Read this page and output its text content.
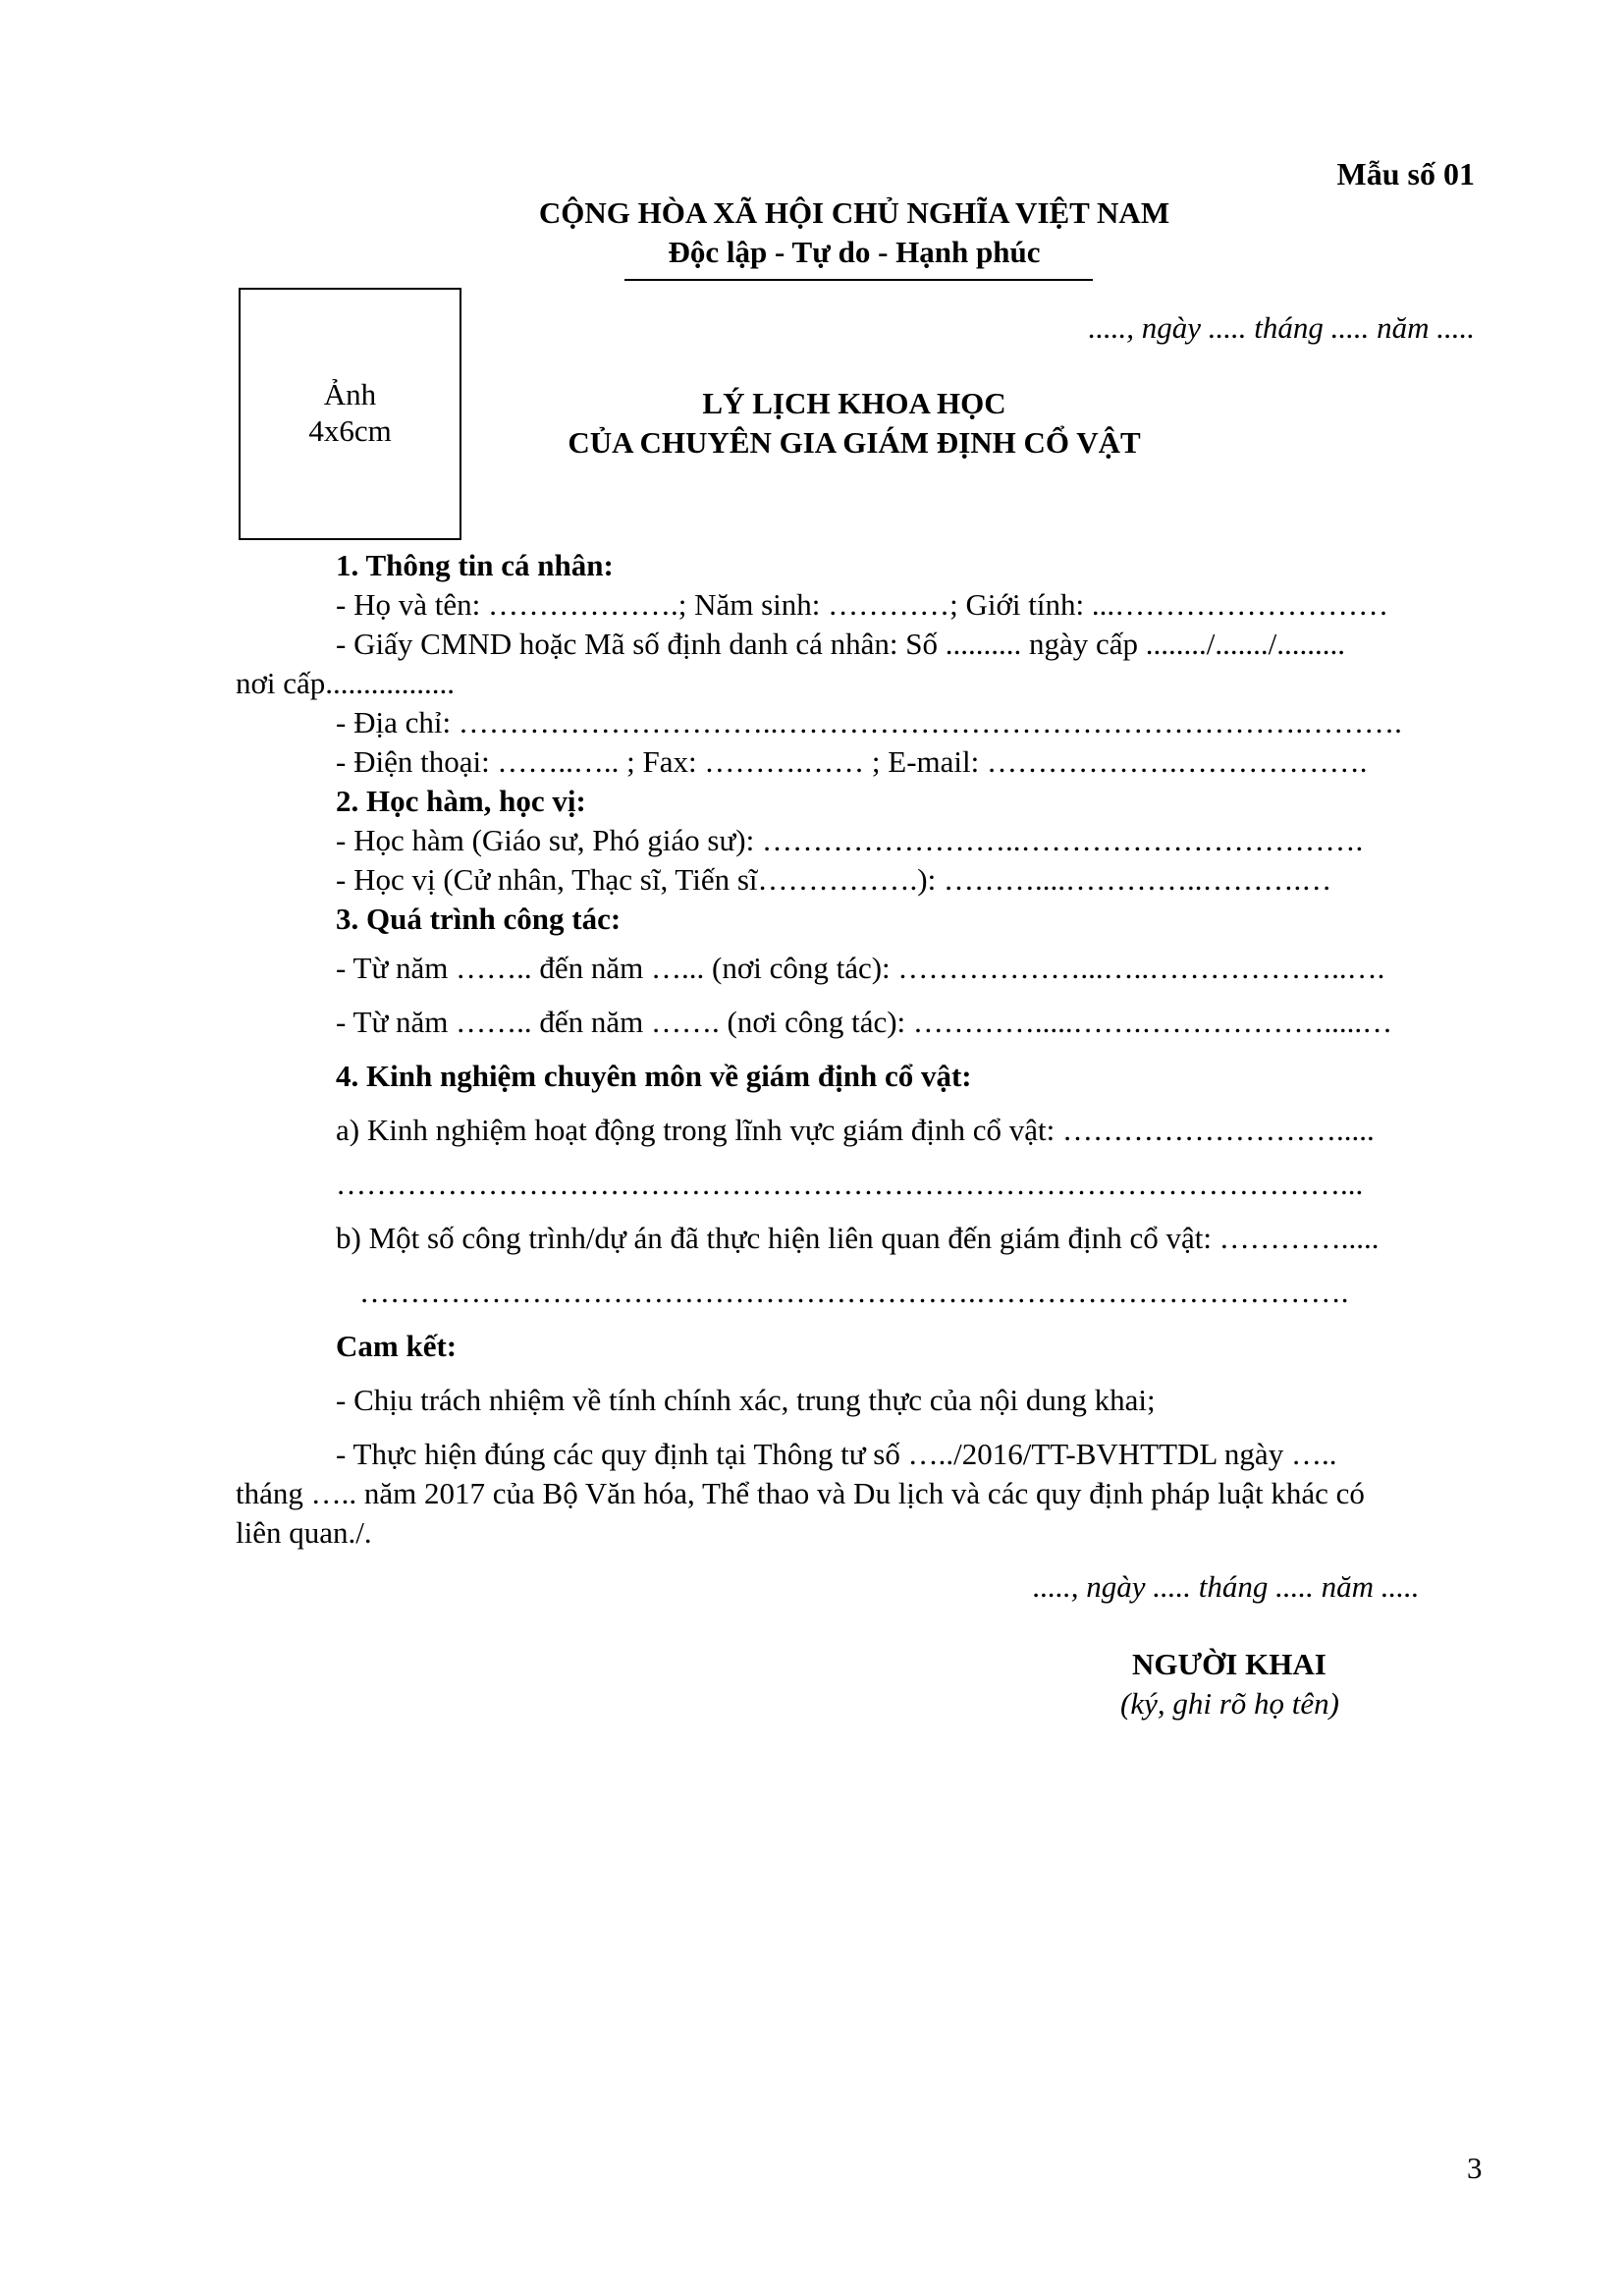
Mẫu số 01
CỘNG HÒA XÃ HỘI CHỦ NGHĨA VIỆT NAM
Độc lập - Tự do - Hạnh phúc
....., ngày ..... tháng ..... năm .....
Ảnh
4x6cm
LÝ LỊCH KHOA HỌC
CỦA CHUYÊN GIA GIÁM ĐỊNH CỔ VẬT
1. Thông tin cá nhân:
- Họ và tên: ……………….; Năm sinh: …………; Giới tính: ...………………………
- Giấy CMND hoặc Mã số định danh cá nhân: Số .......... ngày cấp ......../......./.........
nơi cấp.................
- Địa chỉ: …………………………..…………………………………………….……….
- Điện thoại: ……..….. ; Fax: ……….…… ; E-mail: ……………….……………….
2. Học hàm, học vị:
- Học hàm (Giáo sư, Phó giáo sư): ……………………..…………………………….
- Học vị (Cử nhân, Thạc sĩ, Tiến sĩ…………….): ………....…………..……….…
3. Quá trình công tác:
- Từ năm …….. đến năm …... (nơi công tác): ………………...…..………………..….
- Từ năm …….. đến năm ……. (nơi công tác): ………….....…….……………….....…
4. Kinh nghiệm chuyên môn về giám định cổ vật:
a) Kinh nghiệm hoạt động trong lĩnh vực giám định cổ vật: ……………………….....
………………………………………………………………………………………...
b) Một số công trình/dự án đã thực hiện liên quan đến giám định cổ vật: ………….....
…………………………………………………….……………………………….
Cam kết:
- Chịu trách nhiệm về tính chính xác, trung thực của nội dung khai;
- Thực hiện đúng các quy định tại Thông tư số …../2016/TT-BVHTTDL ngày …..
tháng ….. năm 2017 của Bộ Văn hóa, Thể thao và Du lịch và các quy định pháp luật khác có
liên quan./.
....., ngày ..... tháng ..... năm .....
NGƯỜI KHAI
(ký, ghi rõ họ tên)
3
